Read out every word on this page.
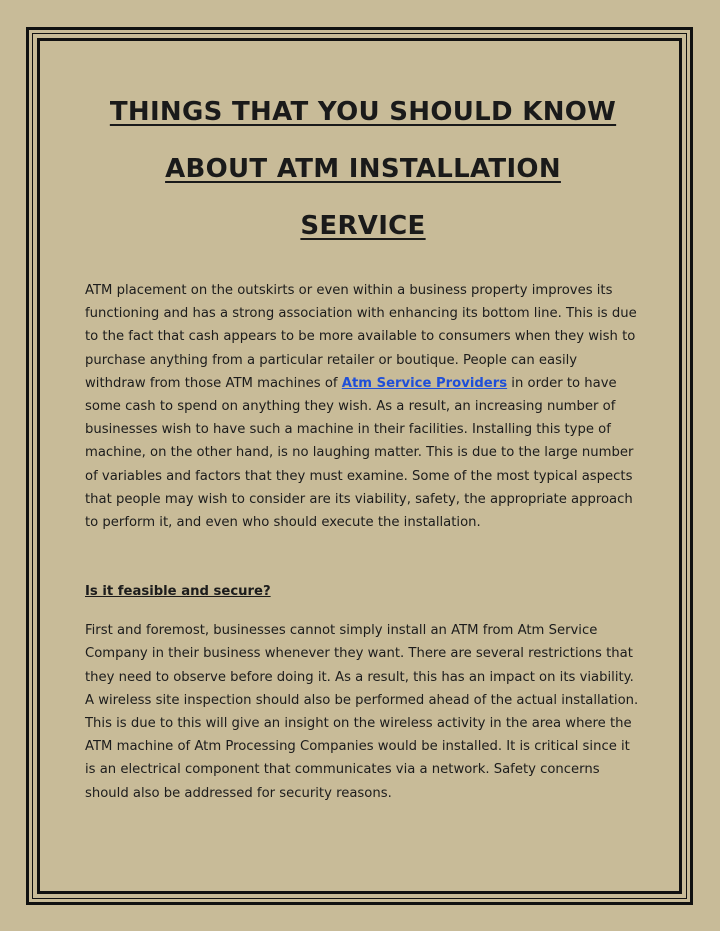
THINGS THAT YOU SHOULD KNOW
ABOUT ATM INSTALLATION
SERVICE

ATM placement on the outskirts or even within a business property improves its functioning and has a strong association with enhancing its bottom line. This is due to the fact that cash appears to be more available to consumers when they wish to purchase anything from a particular retailer or boutique. People can easily withdraw from those ATM machines of Atm Service Providers in order to have some cash to spend on anything they wish. As a result, an increasing number of businesses wish to have such a machine in their facilities. Installing this type of machine, on the other hand, is no laughing matter. This is due to the large number of variables and factors that they must examine. Some of the most typical aspects that people may wish to consider are its viability, safety, the appropriate approach to perform it, and even who should execute the installation.

Is it feasible and secure?

First and foremost, businesses cannot simply install an ATM from Atm Service Company in their business whenever they want. There are several restrictions that they need to observe before doing it. As a result, this has an impact on its viability. A wireless site inspection should also be performed ahead of the actual installation. This is due to this will give an insight on the wireless activity in the area where the ATM machine of Atm Processing Companies would be installed. It is critical since it is an electrical component that communicates via a network. Safety concerns should also be addressed for security reasons.
